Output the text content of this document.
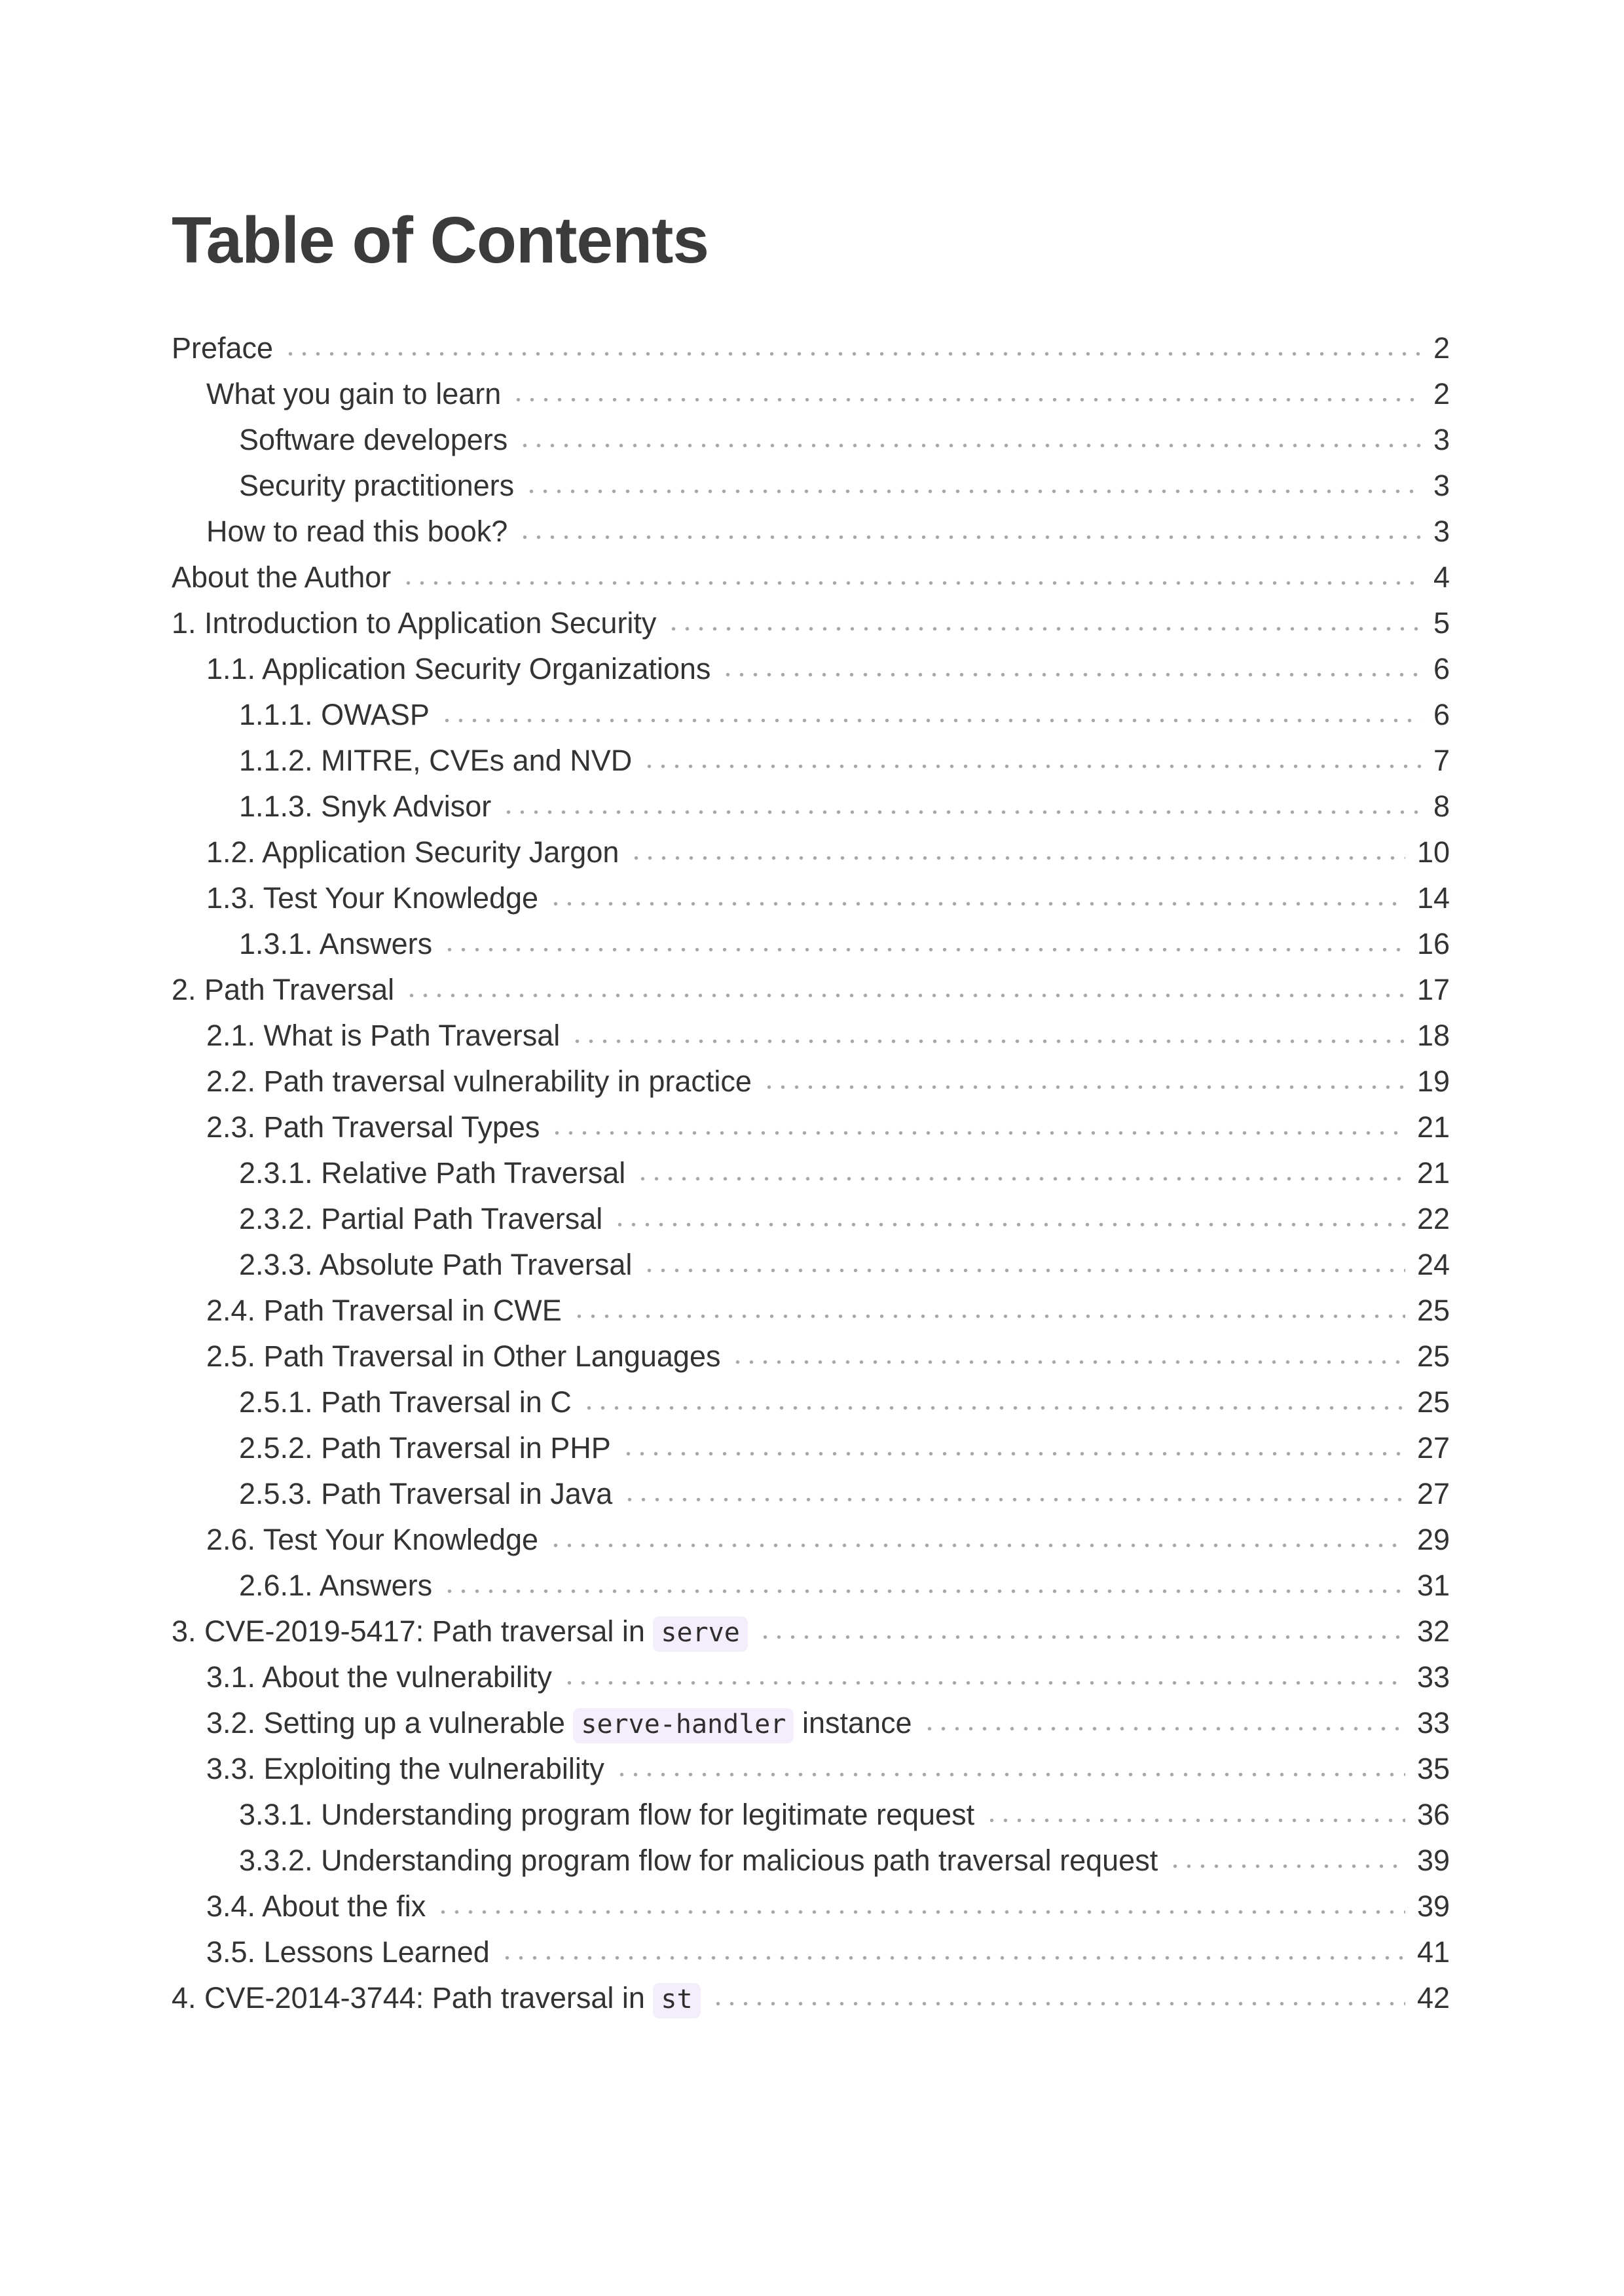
Table of Contents
Preface	2
What you gain to learn	2
Software developers	3
Security practitioners	3
How to read this book?	3
About the Author	4
1. Introduction to Application Security	5
1.1. Application Security Organizations	6
1.1.1. OWASP	6
1.1.2. MITRE, CVEs and NVD	7
1.1.3. Snyk Advisor	8
1.2. Application Security Jargon	10
1.3. Test Your Knowledge	14
1.3.1. Answers	16
2. Path Traversal	17
2.1. What is Path Traversal	18
2.2. Path traversal vulnerability in practice	19
2.3. Path Traversal Types	21
2.3.1. Relative Path Traversal	21
2.3.2. Partial Path Traversal	22
2.3.3. Absolute Path Traversal	24
2.4. Path Traversal in CWE	25
2.5. Path Traversal in Other Languages	25
2.5.1. Path Traversal in C	25
2.5.2. Path Traversal in PHP	27
2.5.3. Path Traversal in Java	27
2.6. Test Your Knowledge	29
2.6.1. Answers	31
3. CVE-2019-5417: Path traversal in serve	32
3.1. About the vulnerability	33
3.2. Setting up a vulnerable serve-handler instance	33
3.3. Exploiting the vulnerability	35
3.3.1. Understanding program flow for legitimate request	36
3.3.2. Understanding program flow for malicious path traversal request	39
3.4. About the fix	39
3.5. Lessons Learned	41
4. CVE-2014-3744: Path traversal in st	42
